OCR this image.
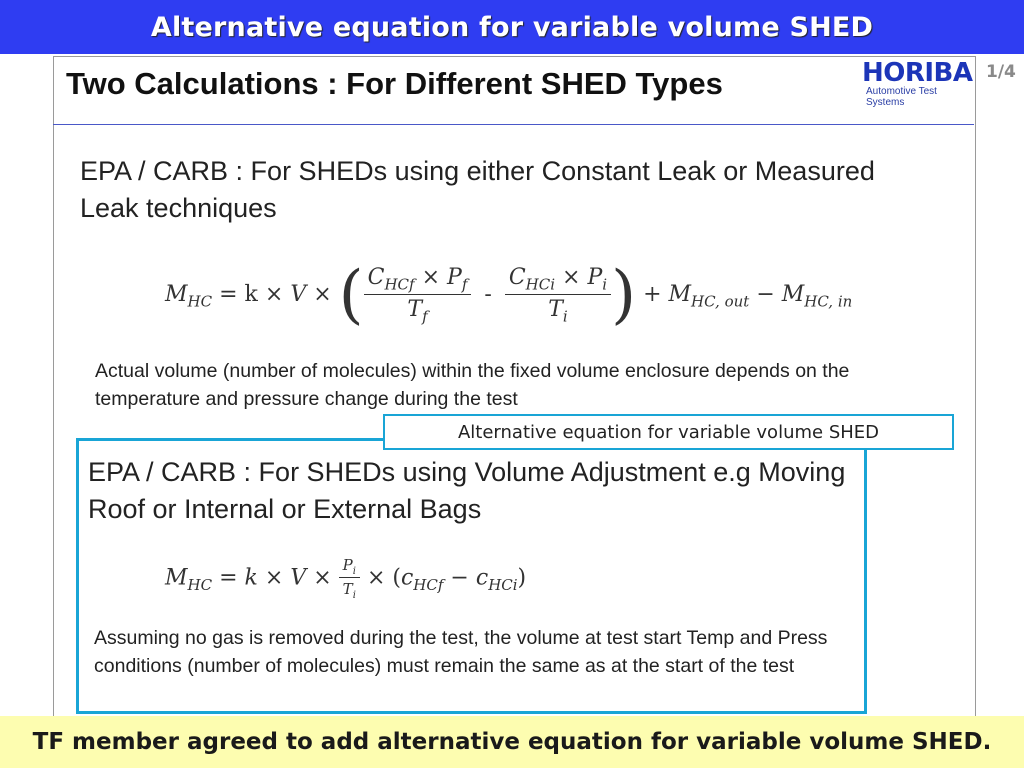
Alternative equation for variable volume SHED
Two Calculations : For Different SHED Types	HORIBA
Automotive Test Systems
1/4
EPA / CARB : For SHEDs using either Constant Leak or Measured Leak techniques
$M_{HC} = k \times V$ × ( $\frac{C_{HCf} \times P_f}{T_f} - \frac{C_{HCi} \times P_i}{T_i}$ ) + $M_{HC, out} - M_{HC, in}$
Actual volume (number of molecules) within the fixed volume enclosure depends on the temperature and pressure change during the test
Alternative equation for variable volume SHED
EPA / CARB : For SHEDs using Volume Adjustment e.g Moving Roof or Internal or External Bags
$M_{HC} = k \times V \times \frac{P_i}{T_i} \times (c_{HCf} - c_{HCi})$
Assuming no gas is removed during the test, the volume at test start Temp and Press conditions (number of molecules) must remain the same as at the start of the test
TF member agreed to add alternative equation for variable volume SHED.
